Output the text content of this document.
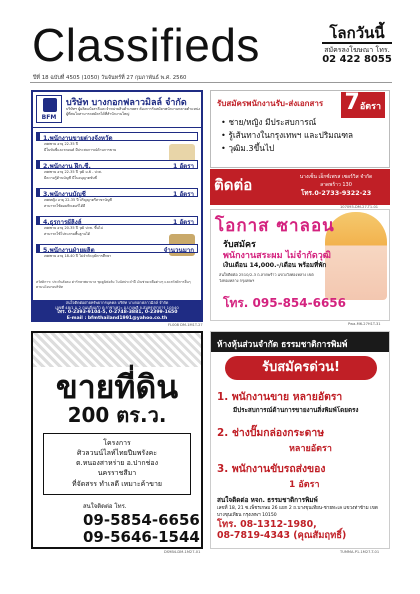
Classifieds	โลกวันนี้
สมัครลงโฆษณา โทร.
02 422 8055
ปีที่ 18 ฉบับที่ 4505 (1050) วันจันทร์ที่ 27 กุมภาพันธ์ พ.ศ. 2560
BFM
บริษัท บางกอกฟลาวมิลล์ จำกัด
บริษัทฯ ผู้ผลิตแป้งสาลีและจำหน่ายสินค้าเกษตร ต้องการรับสมัครพนักงานหลายตำแหน่ง ผู้ที่สนใจสามารถสมัครได้ที่สำนักงานใหญ่
1.พนักงานขายต่างจังหวัด
เพศชาย อายุ 22-35 ปี
มีใบขับขี่และรถยนต์ มีประสบการณ์ด้านการขาย
2.พนักงาน ฝึก.ซี.	1 อัตรา
เพศชาย อายุ 22-35 ปี วุฒิ ม.6 - ปวส.
มีความรู้ด้านบัญชี มีใบอนุญาตขับขี่
3.พนักงานบัญชี	1 อัตรา
เพศหญิง อายุ 22-35 ปี ปริญญาตรีสาขาบัญชี
สามารถใช้คอมพิวเตอร์ได้ดี
4.ธุรการผัลิงล์	1 อัตรา
เพศชาย อายุ 20-35 ปี วุฒิ ปวช. ขึ้นไป
สามารถใช้โปรแกรมพื้นฐานได้
5.พนักงานฝ่ายผลิต	จำนวนมาก
เพศชาย อายุ 18-40 ปี ไม่จำกัดวุฒิการศึกษา
สวัสดิการ: ประกันสังคม ค่ารักษาพยาบาล ชุดยูนิฟอร์ม โบนัสประจำปี เงินช่วยเหลือต่างๆ และสวัสดิการอื่นๆ ตามนโยบายบริษัท
สนใจติดต่อฝ่ายทรัพยากรบุคคล บริษัท บางกอกฟลาวมิลล์ จำกัด
เลขที่ 48/1 ม.2 ถนนกิ่งแก้ว ต.ราชาเทวะ อ.บางพลี จ.สมุทรปราการ 10540
โทร. 0-2393-9104-5, 0-2748-3881, 0-2399-1650
E-mail : bfmthailand1991@yahoo.co.th
FL008 DM-1M1T-27
รับสมัครพนักงานรับ-ส่งเอกสาร 7อัตรา
• ชาย/หญิง มีประสบการณ์
• รู้เส้นทางในกรุงเทพฯ และปริมณฑล
• วุฒิม.3ขึ้นไป
ติดต่อ	นางเซ็น เอ็กซ์เพรส เซอร์วิส จำกัด
ลาดพร้าว 130
โทร.0-2733-9322-23
107093-DM-27-T1-01
โอกาส ซาลอน
รับสมัคร
พนักงานสระผม ไม่จำกัดวุฒิ
เงินเดือน 14,000.-/เดือน พร้อมที่พัก
สนใจติดต่อ 2510/2-3 ถ.ลาดพร้าว แขวงวังทองหลาง เขตวังทองหลาง กรุงเทพฯ
โทร. 095-854-6656
Pwa-M6-27H1T-31
ขายที่ดิน
200 ตร.ว.
โครงการ
ศิวลวนน์ไลท์ไทยปีมพรังคะ
ต.หนองสาหร่าย อ.ปากช่อง
นครราชสีมา
ที่จัดสรร ทำเลดี เหมาะค้าขาย
สนใจติดต่อ โทร.
09-5854-6656
09-5646-1544
DS9B4-DM-1M27-01
ห้างหุ้นส่วนจำกัด ธรรมชาติการพิมพ์
รับสมัครด่วน!
1. พนักงานขาย หลายอัตรา
มีประสบการณ์ด้านการขายงานสิ่งพิมพ์โดยตรง
2. ช่างปั๊มกล่องกระดาษ
หลายอัตรา
3. พนักงานขับรถส่งของ
1 อัตรา
สนใจติดต่อ หจก. ธรรมชาติการพิมพ์
เลขที่ 18, 21 ซ.เพ็ชรเกษม 26 แยก 2 ถ.บางขุนเทียน-ชายทะเล แขวงท่าข้าม เขตบางขุนเทียน กรุงเทพฯ 10150
โทร. 08-1312-1980,
08-7819-4343 (คุณสัมฤทธิ์)
TUMMA-P1-1M27-T-01
